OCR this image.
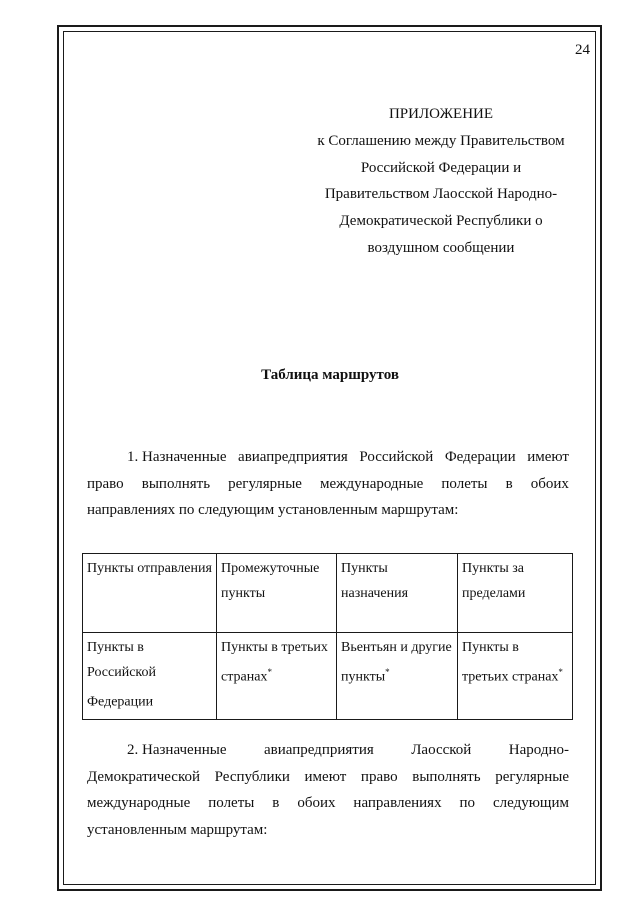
24
ПРИЛОЖЕНИЕ
к Соглашению между Правительством
Российской Федерации и
Правительством Лаосской Народно-
Демократической Республики о
воздушном сообщении
Таблица маршрутов
1. Назначенные авиапредприятия Российской Федерации имеют
право выполнять регулярные международные полеты в обоих
направлениях по следующим установленным маршрутам:
Пункты отправления	Промежуточные пункты	Пункты назначения	Пункты за пределами
Пункты в Российской Федерации	Пункты в третьих странах*	Вьентьян и другие пункты*	Пункты в третьих странах*
2. Назначенные авиапредприятия Лаосской Народно-
Демократической Республики имеют право выполнять регулярные
международные полеты в обоих направлениях по следующим
установленным маршрутам:
